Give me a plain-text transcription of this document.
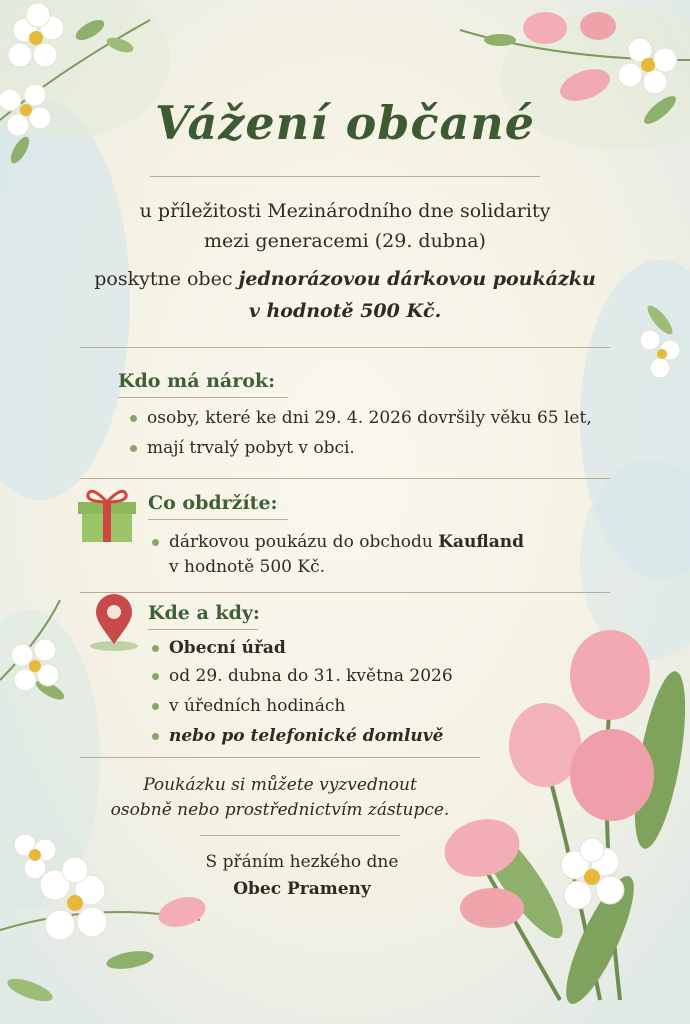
Vážení občané
u příležitosti Mezinárodního dne solidarity
mezi generacemi (29. dubna)
poskytne obec jednorázovou dárkovou poukázku
v hodnotě 500 Kč.
Kdo má nárok:
osoby, které ke dni 29. 4. 2026 dovršily věku 65 let,
mají trvalý pobyt v obci.
Co obdržíte:
dárkovou poukázu do obchodu Kaufland
v hodnotě 500 Kč.
Kde a kdy:
Obecní úřad
od 29. dubna do 31. května 2026
v úředních hodinách
nebo po telefonické domluvě
Poukázku si můžete vyzvednout
osobně nebo prostřednictvím zástupce.
S přáním hezkého dne
Obec Prameny
